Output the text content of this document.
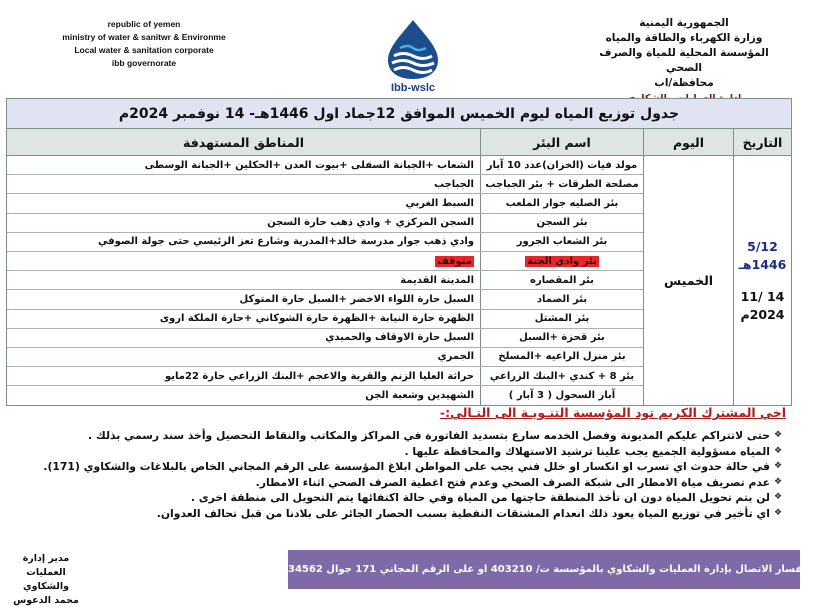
republic of yemen
ministry of water & sanitwr & Environme
Local water & sanitation corporate
ibb governorate
Ibb-wslc
الجمهورية اليمنية
وزارة الكهرباء والطاقة والمياه
المؤسسة المحلية للمياة والصرف الصحي
محافظة/اب
جدول توزيع المياه ليوم الخميس الموافق 12جماد اول 1446هـ- 14 نوفمبر 2024م
التاريخ
اليوم
اسم البئر
المناطق المستهدفة
5/12
1446هـ
14 /11
2024م
الخميس
مولد فيات (الخزان)عدد 10 آبار
الشعاب +الجبانة السفلى +بيوت العدن +الحكلين +الجبانة الوسطى
مصلحة الطرقات + بئر الجباجب
الجباجب
بئر الصليه جوار الملعب
السبط الغربي
بئر السجن
السجن المركزي + وادي ذهب حارة السجن
بئر الشعاب الجرور
وادي ذهب جوار مدرسة خالد+المدرية وشارع تعز الرئيسي حتى جولة الصوفي
بئر وادي الجنة
متوقف
بئر المقصاره
المدينة القديمة
بئر الصماد
السبل حارة اللواء الاخضر +السبل حارة المتوكل
بئر المشتل
الظهرة حارة النيابة +الظهرة حارة الشوكاني +حارة الملكة اروى
بئر قحزة +السبل
السبل حارة الاوقاف والحميدي
بئر منزل الراعيه +المسلخ
الجمري
بئر 8 + كندي +البنك الزراعي
حراثة العليا الزنم والقرية والاعجم +البنك الزراعي حارة 22مايو
آبار السحول ( 3 آبار )
الشهيدين وشعبة الجن
اخي المشترك الكريم تود المؤسسة التنـويـة الى التـالي:-
❖
حتى لاتتراكم عليكم المديونة وفصل الخدمه سارع بتسديد الفاتورة في المراكز والمكاتب والنقاط التحصيل وأخذ سند رسمي بذلك .
❖
المياه مسؤولية الجميع يجب علينا ترشيد الاستهلاك والمحافظة عليها .
❖
في حالة حدوث اي تسرب او انكسار او خلل فني يجب على المواطن ابلاغ المؤسسة على الرقم المجاني الخاص بالبلاغات والشكاوي (171).
❖
عدم تصريف مياة الامطار الى شبكة الصرف الصحي وعدم فتح اغطية الصرف الصحي اثناء الامطار.
❖
لن يتم تحويل المياة دون ان تأخذ المنطقة حاجتها من المياة وفي حالة اكتفائها يتم التحويل الى منطقة اخرى .
❖
اي تأخير في توزيع المياة يعود ذلك انعدام المشتقات النفطية بسبب الحصار الجائر على بلادنا من قبل تحالف العدوان.
مدير إدارة العمليات والشكاوي
محمد الدعوس
للاستفسار الاتصال بإدارة العمليات والشكاوي بالمؤسسة ت/ 403210 او على الرقم المجاني 171 جوال 773934562
